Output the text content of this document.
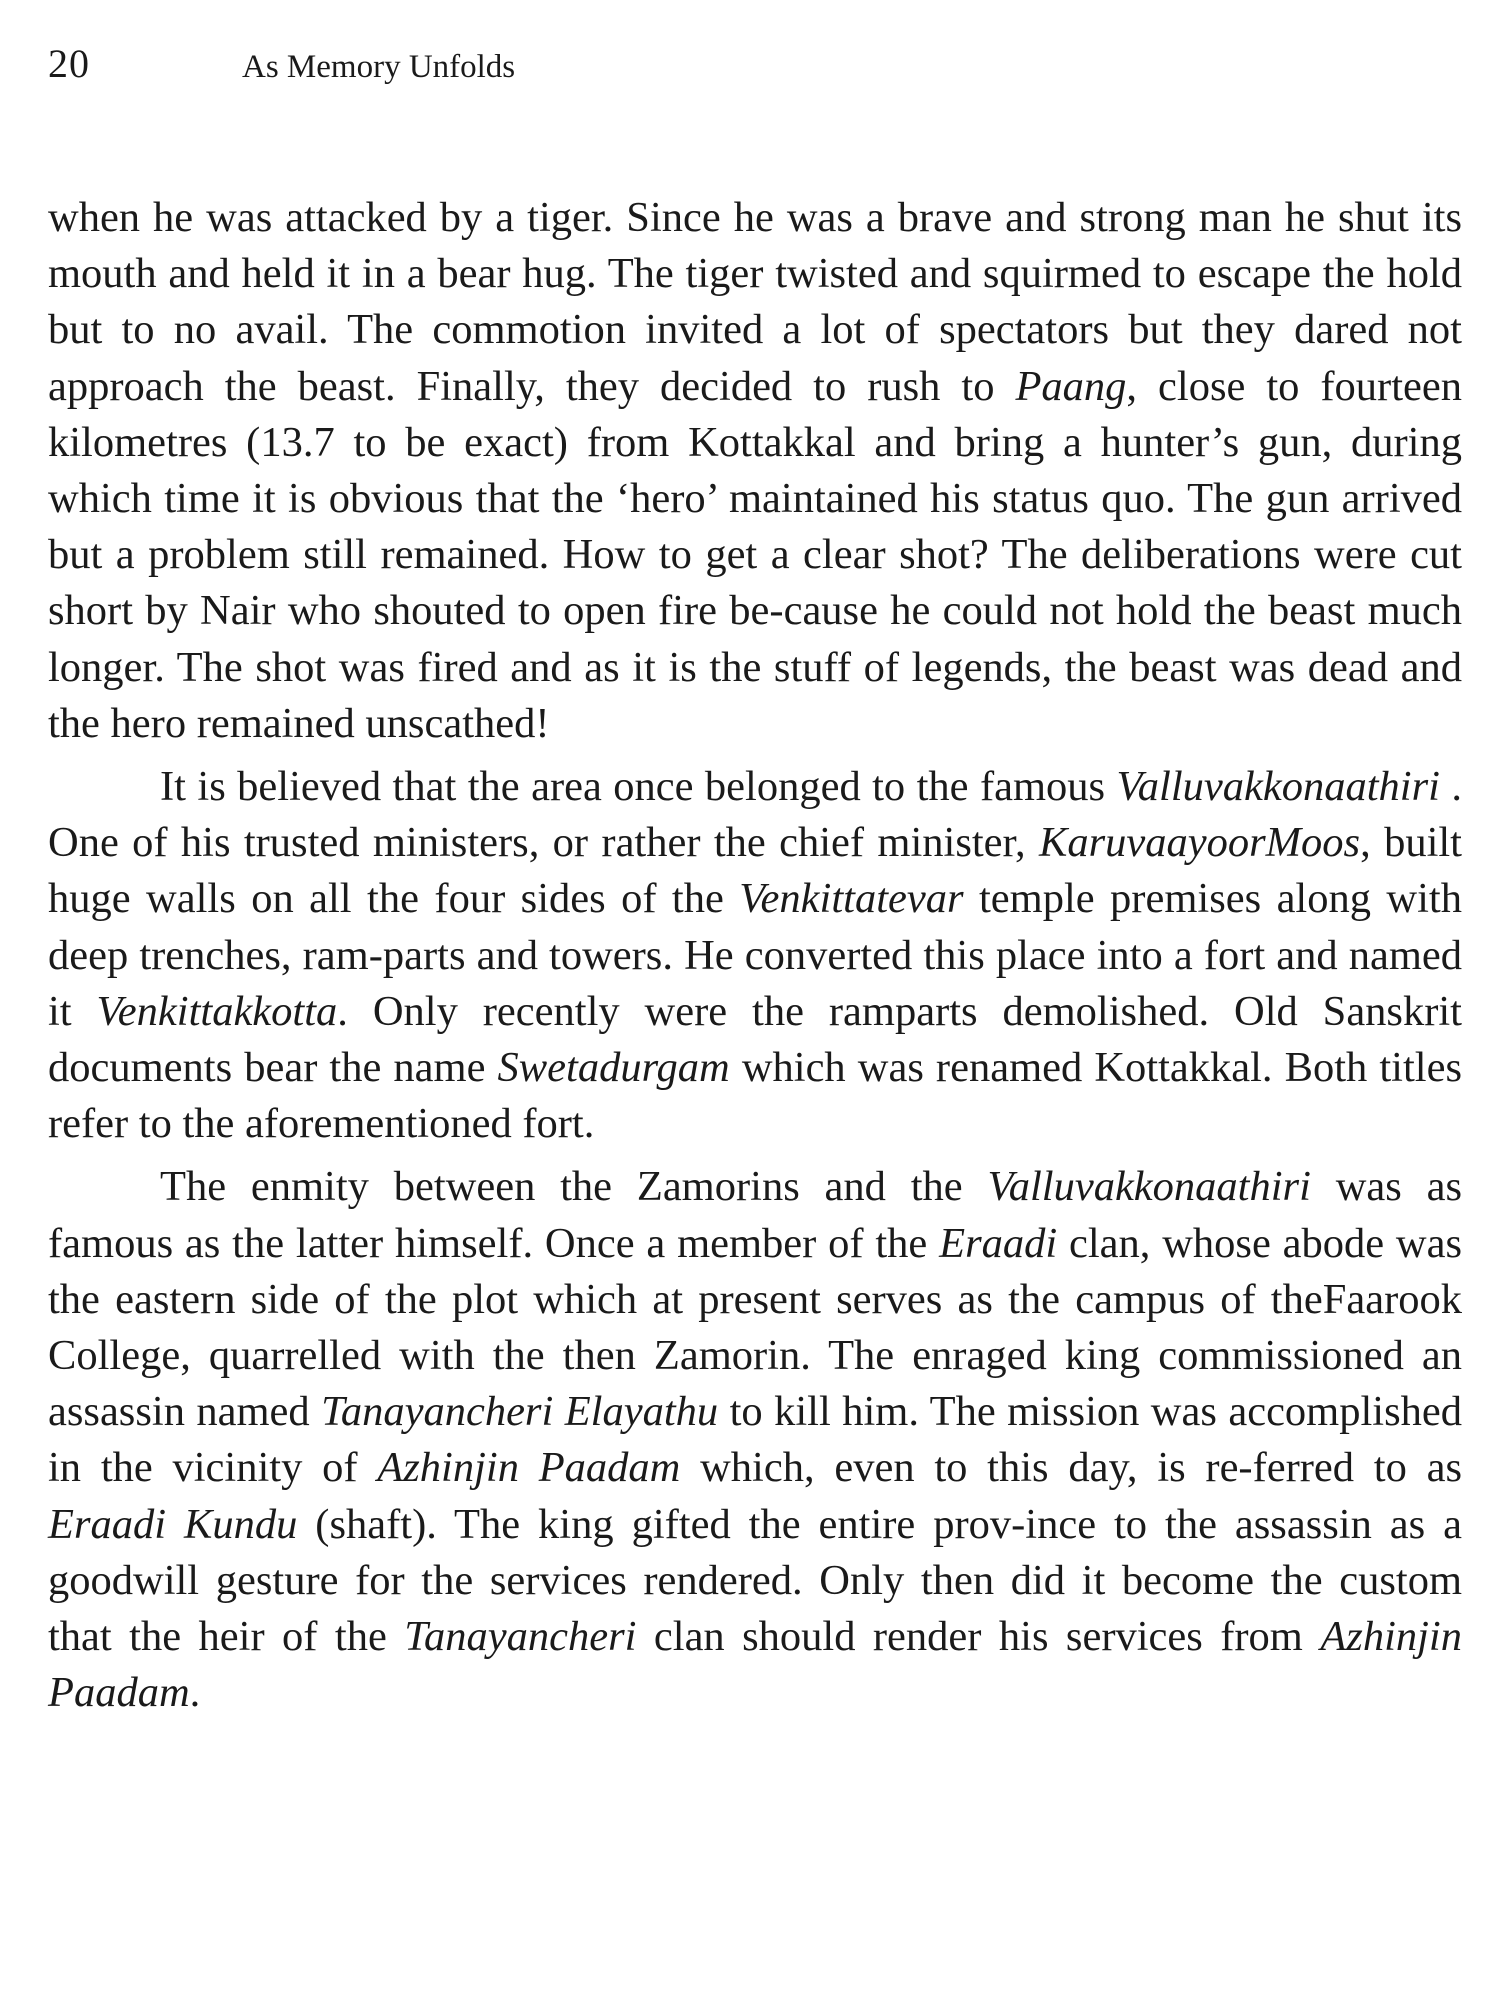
20	As Memory Unfolds

when he was attacked by a tiger. Since he was a brave and strong man he shut its mouth and held it in a bear hug. The tiger twisted and squirmed to escape the hold but to no avail. The commotion invited a lot of spectators but they dared not approach the beast. Finally, they decided to rush to Paang, close to fourteen kilometres (13.7 to be exact) from Kottakkal and bring a hunter’s gun, during which time it is obvious that the ‘hero’ maintained his status quo. The gun arrived but a problem still remained. How to get a clear shot? The deliberations were cut short by Nair who shouted to open fire be-cause he could not hold the beast much longer. The shot was fired and as it is the stuff of legends, the beast was dead and the hero remained unscathed!

It is believed that the area once belonged to the famous Valluvakkonaathiri . One of his trusted ministers, or rather the chief minister, KaruvaayoorMoos, built huge walls on all the four sides of the Venkittatevar temple premises along with deep trenches, ram-parts and towers. He converted this place into a fort and named it Venkittakkotta. Only recently were the ramparts demolished. Old Sanskrit documents bear the name Swetadurgam which was renamed Kottakkal. Both titles refer to the aforementioned fort.

The enmity between the Zamorins and the Valluvakkonaathiri was as famous as the latter himself. Once a member of the Eraadi clan, whose abode was the eastern side of the plot which at present serves as the campus of theFaarook College, quarrelled with the then Zamorin. The enraged king commissioned an assassin named Tanayancheri Elayathu to kill him. The mission was accomplished in the vicinity of Azhinjin Paadam which, even to this day, is re-ferred to as Eraadi Kundu (shaft). The king gifted the entire prov-ince to the assassin as a goodwill gesture for the services rendered. Only then did it become the custom that the heir of the Tanayancheri clan should render his services from Azhinjin Paadam.
